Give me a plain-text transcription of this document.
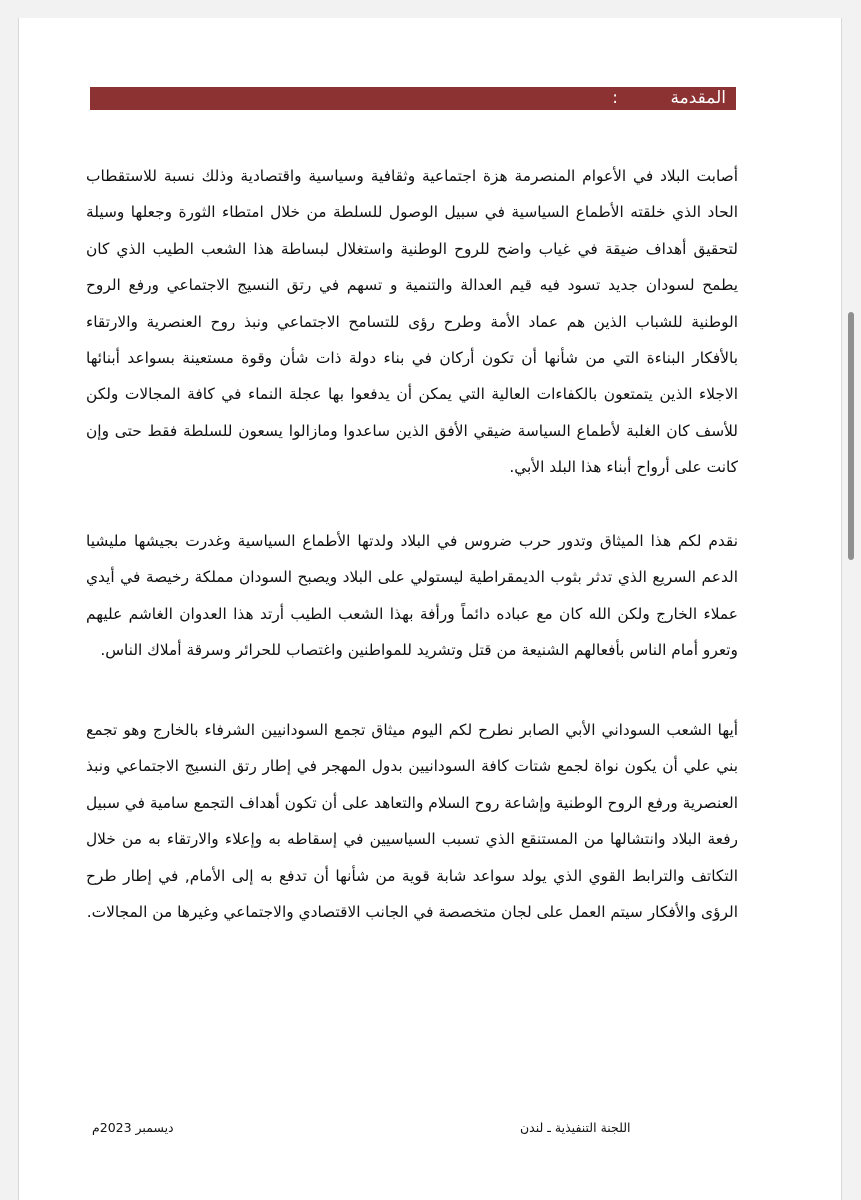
المقدمة
:

أصابت البلاد في الأعوام المنصرمة هزة اجتماعية وثقافية وسياسية واقتصادية وذلك نسبة للاستقطاب الحاد الذي خلقته الأطماع السياسية في سبيل الوصول للسلطة من خلال امتطاء الثورة وجعلها وسيلة لتحقيق أهداف ضيقة في غياب واضح للروح الوطنية واستغلال لبساطة هذا الشعب الطيب الذي كان يطمح لسودان جديد تسود فيه قيم العدالة والتنمية و تسهم في رتق النسيج الاجتماعي ورفع الروح الوطنية للشباب الذين هم عماد الأمة وطرح رؤى للتسامح الاجتماعي ونبذ روح العنصرية والارتقاء بالأفكار البناءة التي من شأنها أن تكون أركان في بناء دولة ذات شأن وقوة مستعينة بسواعد أبنائها الاجلاء الذين يتمتعون بالكفاءات العالية التي يمكن أن يدفعوا بها عجلة النماء في كافة المجالات ولكن للأسف كان الغلبة لأطماع السياسة ضيقي الأفق الذين ساعدوا ومازالوا يسعون للسلطة فقط حتى وإن كانت على أرواح أبناء هذا البلد الأبي.

نقدم لكم هذا الميثاق وتدور حرب ضروس في البلاد ولدتها الأطماع السياسية وغدرت بجيشها مليشيا الدعم السريع الذي تدثر بثوب الديمقراطية ليستولي على البلاد ويصبح السودان مملكة رخيصة في أيدي عملاء الخارج ولكن الله كان مع عباده دائماً ورأفة بهذا الشعب الطيب أرتد هذا العدوان الغاشم عليهم وتعرو أمام الناس بأفعالهم الشنيعة من قتل وتشريد للمواطنين واغتصاب للحرائر وسرقة أملاك الناس.

أيها الشعب السوداني الأبي الصابر نطرح لكم اليوم ميثاق تجمع السودانيين الشرفاء بالخارج وهو تجمع بني علي أن يكون نواة لجمع شتات كافة السودانيين بدول المهجر في إطار رتق النسيج الاجتماعي ونبذ العنصرية ورفع الروح الوطنية وإشاعة روح السلام والتعاهد على أن تكون أهداف التجمع سامية في سبيل رفعة البلاد وانتشالها من المستنقع الذي تسبب السياسيين في إسقاطه به وإعلاء والارتقاء به من خلال التكاتف والترابط القوي الذي يولد سواعد شابة قوية من شأنها أن تدفع به إلى الأمام, في إطار طرح الرؤى والأفكار سيتم العمل على لجان متخصصة في الجانب الاقتصادي والاجتماعي وغيرها من المجالات.

ديسمبر 2023م	اللجنة التنفيذية ـ لندن
